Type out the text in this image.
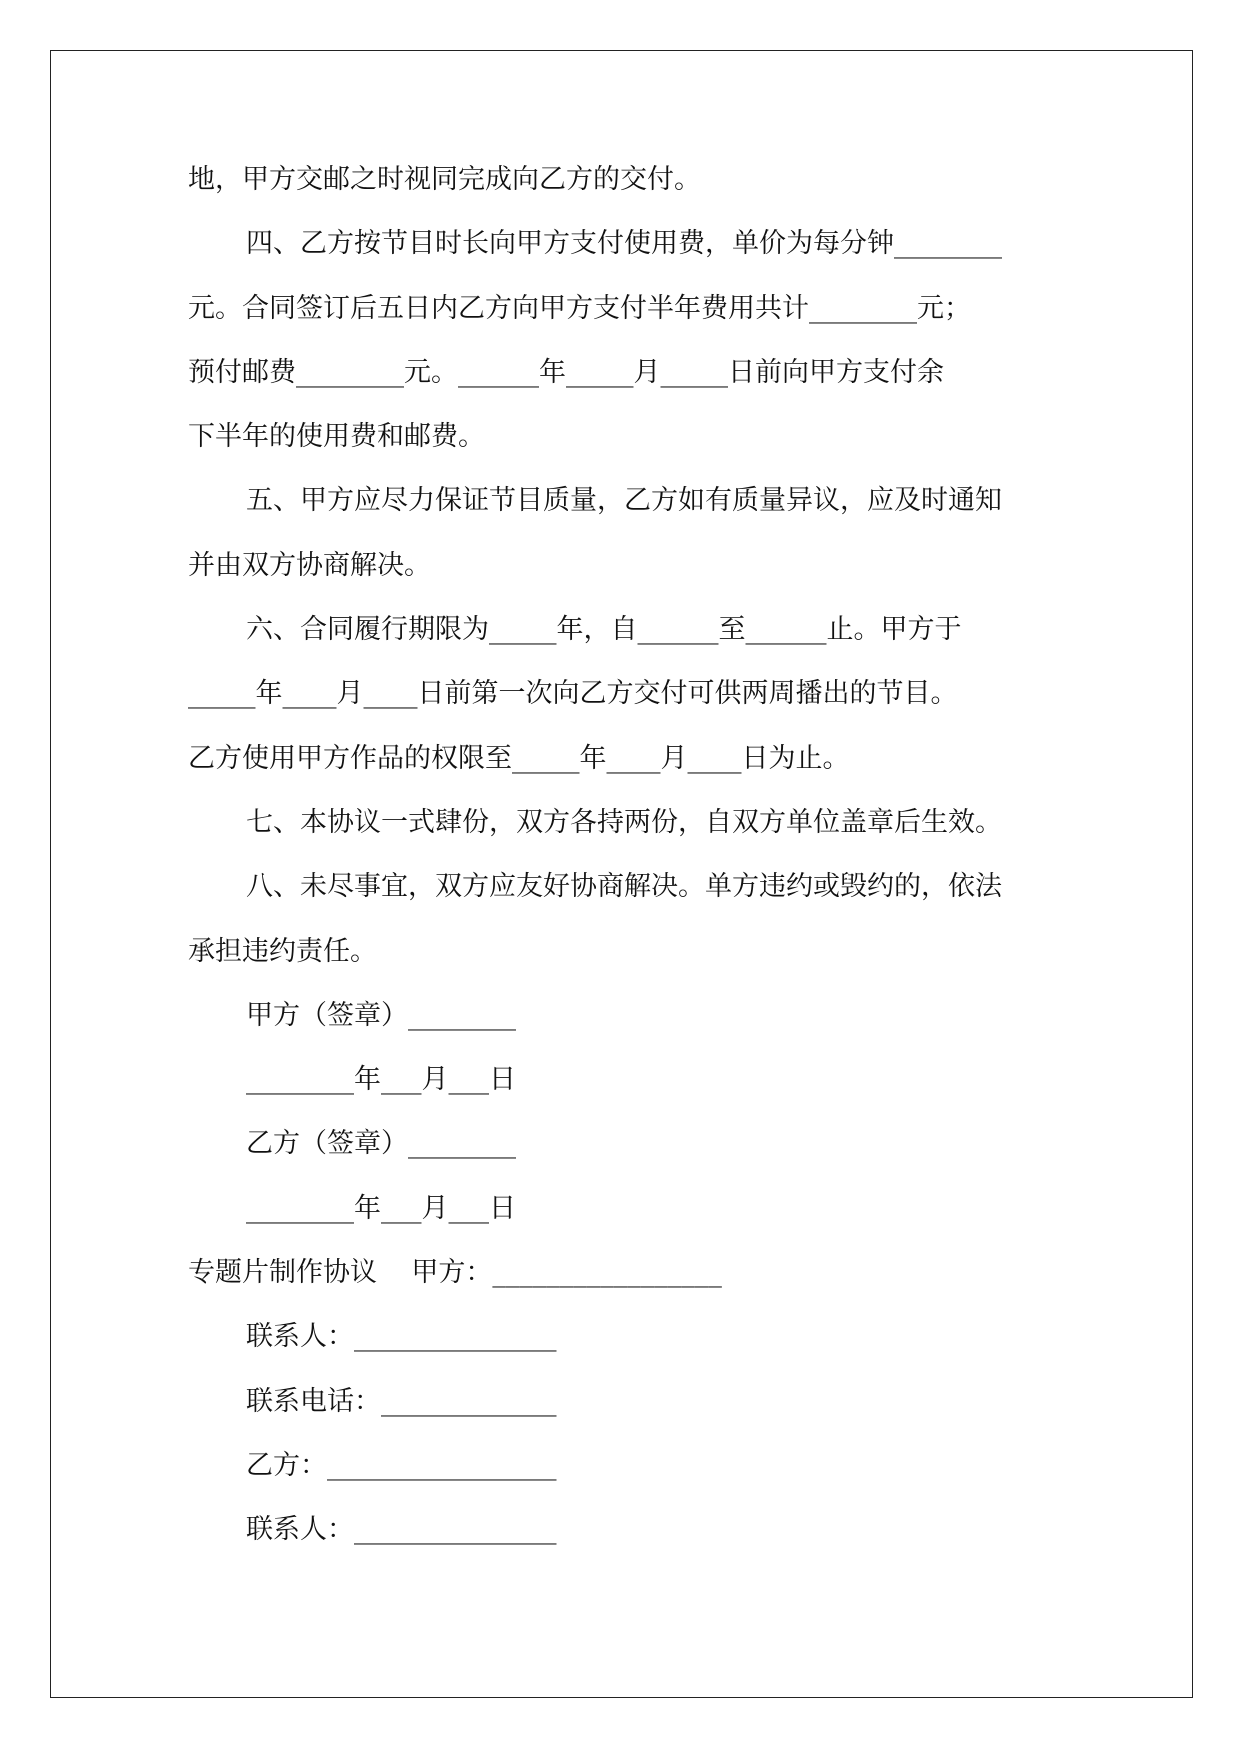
地，甲方交邮之时视同完成向乙方的交付。
四、乙方按节目时长向甲方支付使用费，单价为每分钟________
元。合同签订后五日内乙方向甲方支付半年费用共计________元；
预付邮费________元。______年_____月_____日前向甲方支付余
下半年的使用费和邮费。
五、甲方应尽力保证节目质量，乙方如有质量异议，应及时通知
并由双方协商解决。
六、合同履行期限为_____年，自______至______止。甲方于
_____年____月____日前第一次向乙方交付可供两周播出的节目。
乙方使用甲方作品的权限至_____年____月____日为止。
七、本协议一式肆份，双方各持两份，自双方单位盖章后生效。
八、未尽事宜，双方应友好协商解决。单方违约或毁约的，依法
承担违约责任。
甲方（签章）________
________年___月___日
乙方（签章）________
________年___月___日
专题片制作协议    甲方：_________________
联系人：_______________
联系电话：_____________
乙方：_________________
联系人：_______________
